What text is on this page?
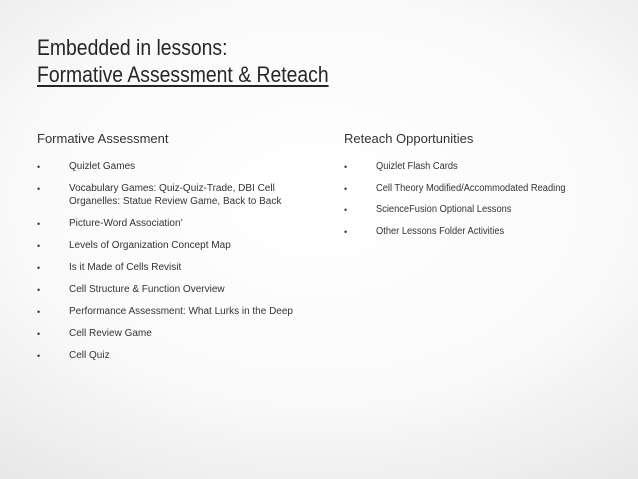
Embedded in lessons:
Formative Assessment & Reteach
Formative Assessment
•	Quizlet Games
•	Vocabulary Games: Quiz-Quiz-Trade, DBI Cell Organelles: Statue Review Game, Back to Back
•	Picture-Word Association’
•	Levels of Organization Concept Map
•	Is it Made of Cells Revisit
•	Cell Structure & Function Overview
•	Performance Assessment: What Lurks in the Deep
•	Cell Review Game
•	Cell Quiz
Reteach Opportunities
•	Quizlet Flash Cards
•	Cell Theory Modified/Accommodated Reading
•	ScienceFusion Optional Lessons
•	Other Lessons Folder Activities
